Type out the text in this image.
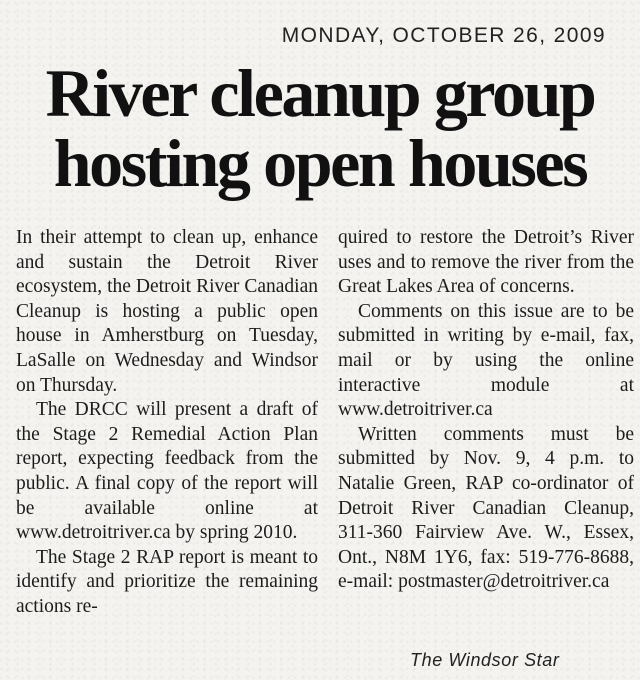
MONDAY, OCTOBER 26, 2009
River cleanup group
hosting open houses

In their attempt to clean up, enhance and sustain the Detroit River ecosystem, the Detroit River Canadian Cleanup is hosting a public open house in Amherstburg on Tuesday, LaSalle on Wednesday and Windsor on Thursday.

The DRCC will present a draft of the Stage 2 Remedial Action Plan report, expecting feedback from the public. A final copy of the report will be available online at www.detroitriver.ca by spring 2010.

The Stage 2 RAP report is meant to identify and prioritize the remaining actions re-

quired to restore the Detroit’s River uses and to remove the river from the Great Lakes Area of concerns.

Comments on this issue are to be submitted in writing by e-mail, fax, mail or by using the online interactive module at www.detroitriver.ca

Written comments must be submitted by Nov. 9, 4 p.m. to Natalie Green, RAP co-ordinator of Detroit River Canadian Cleanup, 311-360 Fairview Ave. W., Essex, Ont., N8M 1Y6, fax: 519-776-8688, e-mail: postmaster@detroitriver.ca

The Windsor Star
